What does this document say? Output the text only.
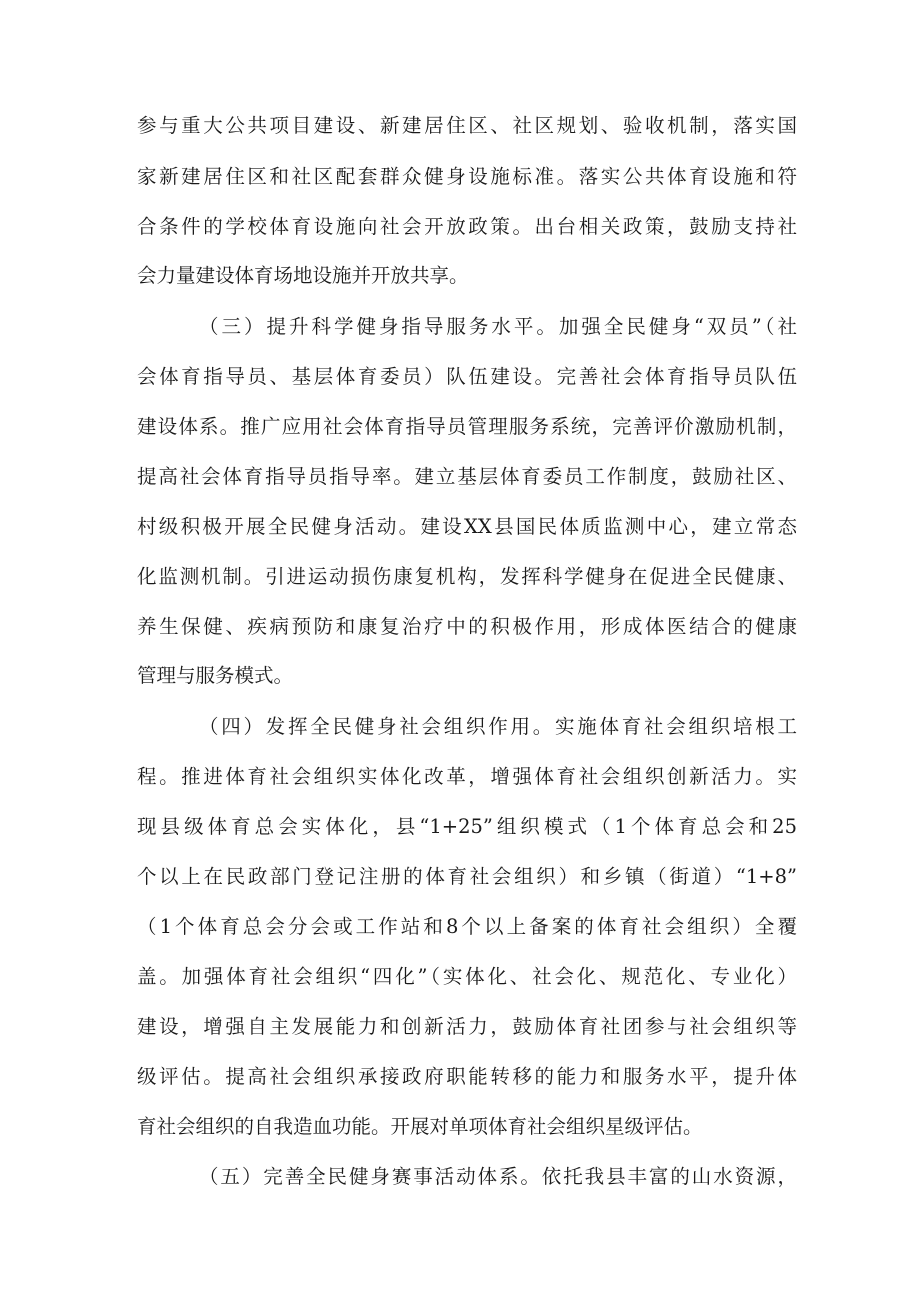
参与重大公共项目建设、新建居住区、社区规划、验收机制，落实国
家新建居住区和社区配套群众健身设施标准。落实公共体育设施和符
合条件的学校体育设施向社会开放政策。出台相关政策，鼓励支持社
会力量建设体育场地设施并开放共享。
（三）提升科学健身指导服务水平。加强全民健身“双员”（社
会体育指导员、基层体育委员）队伍建设。完善社会体育指导员队伍
建设体系。推广应用社会体育指导员管理服务系统，完善评价激励机制，
提高社会体育指导员指导率。建立基层体育委员工作制度，鼓励社区、
村级积极开展全民健身活动。建设XX县国民体质监测中心，建立常态
化监测机制。引进运动损伤康复机构，发挥科学健身在促进全民健康、
养生保健、疾病预防和康复治疗中的积极作用，形成体医结合的健康
管理与服务模式。
（四）发挥全民健身社会组织作用。实施体育社会组织培根工
程。推进体育社会组织实体化改革，增强体育社会组织创新活力。实
现县级体育总会实体化，县“1+25”组织模式（1个体育总会和25
个以上在民政部门登记注册的体育社会组织）和乡镇（街道）“1+8”
（1个体育总会分会或工作站和8个以上备案的体育社会组织）全覆
盖。加强体育社会组织“四化”（实体化、社会化、规范化、专业化）
建设，增强自主发展能力和创新活力，鼓励体育社团参与社会组织等
级评估。提高社会组织承接政府职能转移的能力和服务水平，提升体
育社会组织的自我造血功能。开展对单项体育社会组织星级评估。
（五）完善全民健身赛事活动体系。依托我县丰富的山水资源，
